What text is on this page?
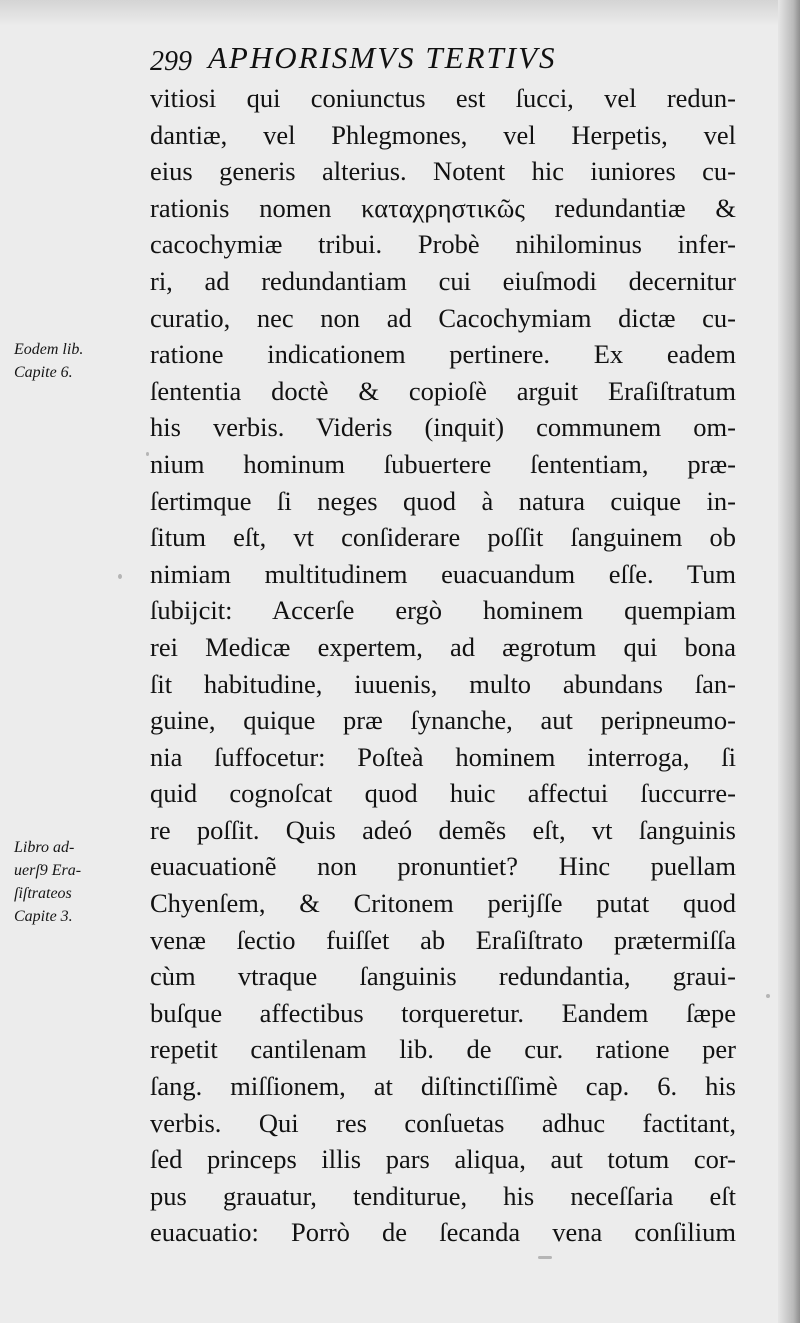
299 APHORISMVS TERTIVS
vitiosi qui coniunctus est ſucci, vel redun-
dantiæ, vel Phlegmones, vel Herpetis, vel
eius generis alterius. Notent hic iuniores cu-
rationis nomen καταχρηστικῶς redundantiæ &
cacochymiæ tribui. Probè nihilominus infer-
ri, ad redundantiam cui eiuſmodi decernitur
curatio, nec non ad Cacochymiam dictæ cu-
ratione indicationem pertinere. Ex eadem
ſententia doctè & copioſè arguit Eraſiſtratum
his verbis. Videris (inquit) communem om-
nium hominum ſubuertere ſententiam, præ-
ſertimque ſi neges quod à natura cuique in-
ſitum eſt, vt conſiderare poſſit ſanguinem ob
nimiam multitudinem euacuandum eſſe. Tum
ſubijcit: Accerſe ergò hominem quempiam
rei Medicæ expertem, ad ægrotum qui bona
ſit habitudine, iuuenis, multo abundans ſan-
guine, quique præ ſynanche, aut peripneumo-
nia ſuffocetur: Poſteà hominem interroga, ſi
quid cognoſcat quod huic affectui ſuccurre-
re poſſit. Quis adeó demẽs eſt, vt ſanguinis
euacuationẽ non pronuntiet? Hinc puellam
Chyenſem, & Critonem perijſſe putat quod
venæ ſectio fuiſſet ab Eraſiſtrato prætermiſſa
cùm vtraque ſanguinis redundantia, graui-
buſque affectibus torqueretur. Eandem ſæpe
repetit cantilenam lib. de cur. ratione per
ſang. miſſionem, at diſtinctiſſimè cap. 6. his
verbis. Qui res conſuetas adhuc factitant,
ſed princeps illis pars aliqua, aut totum cor-
pus grauatur, tenditurue, his neceſſaria eſt
euacuatio: Porrò de ſecanda vena conſilium
Eodem lib.
Capite 6.
Libro ad-
uerſ9 Era-
ſiſtrateos
Capite 3.
